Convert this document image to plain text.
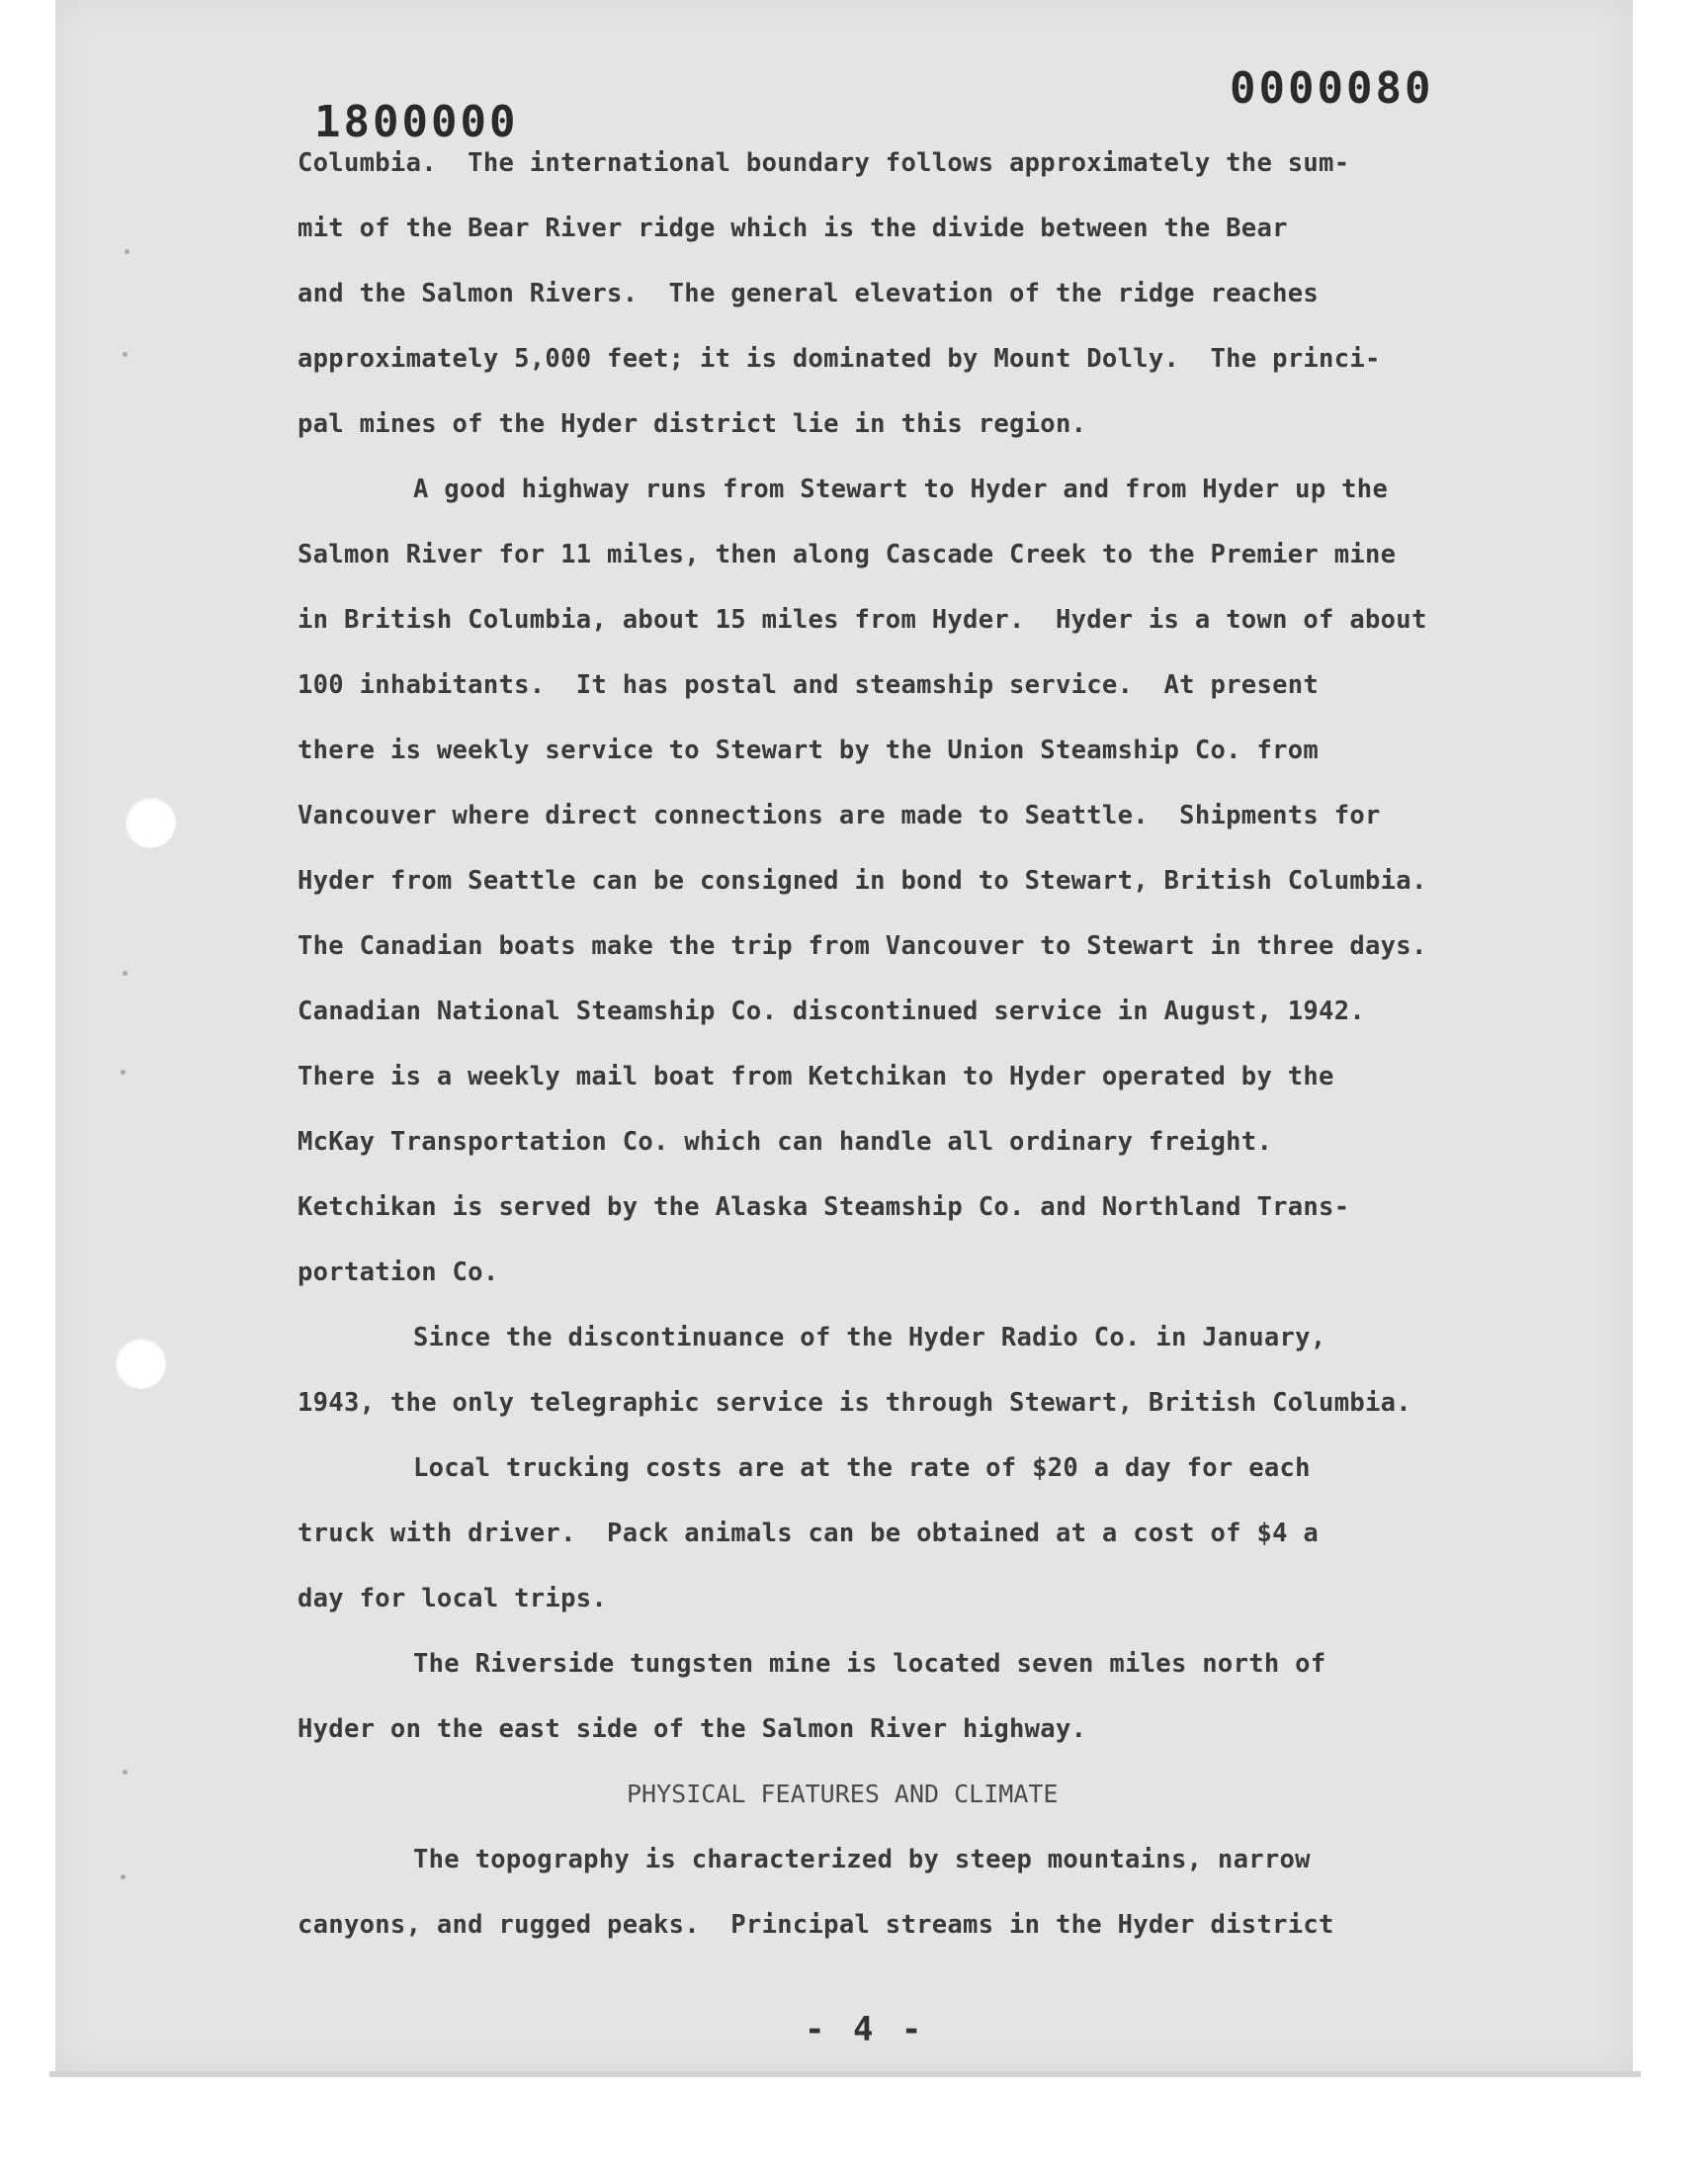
1800000
0000080
Columbia.  The international boundary follows approximately the sum-
mit of the Bear River ridge which is the divide between the Bear
and the Salmon Rivers.  The general elevation of the ridge reaches
approximately 5,000 feet; it is dominated by Mount Dolly.  The princi-
pal mines of the Hyder district lie in this region.
A good highway runs from Stewart to Hyder and from Hyder up the
Salmon River for 11 miles, then along Cascade Creek to the Premier mine
in British Columbia, about 15 miles from Hyder.  Hyder is a town of about
100 inhabitants.  It has postal and steamship service.  At present
there is weekly service to Stewart by the Union Steamship Co. from
Vancouver where direct connections are made to Seattle.  Shipments for
Hyder from Seattle can be consigned in bond to Stewart, British Columbia.
The Canadian boats make the trip from Vancouver to Stewart in three days.
Canadian National Steamship Co. discontinued service in August, 1942.
There is a weekly mail boat from Ketchikan to Hyder operated by the
McKay Transportation Co. which can handle all ordinary freight.
Ketchikan is served by the Alaska Steamship Co. and Northland Trans-
portation Co.
Since the discontinuance of the Hyder Radio Co. in January,
1943, the only telegraphic service is through Stewart, British Columbia.
Local trucking costs are at the rate of $20 a day for each
truck with driver.  Pack animals can be obtained at a cost of $4 a
day for local trips.
The Riverside tungsten mine is located seven miles north of
Hyder on the east side of the Salmon River highway.
PHYSICAL FEATURES AND CLIMATE
The topography is characterized by steep mountains, narrow
canyons, and rugged peaks.  Principal streams in the Hyder district
- 4 -
